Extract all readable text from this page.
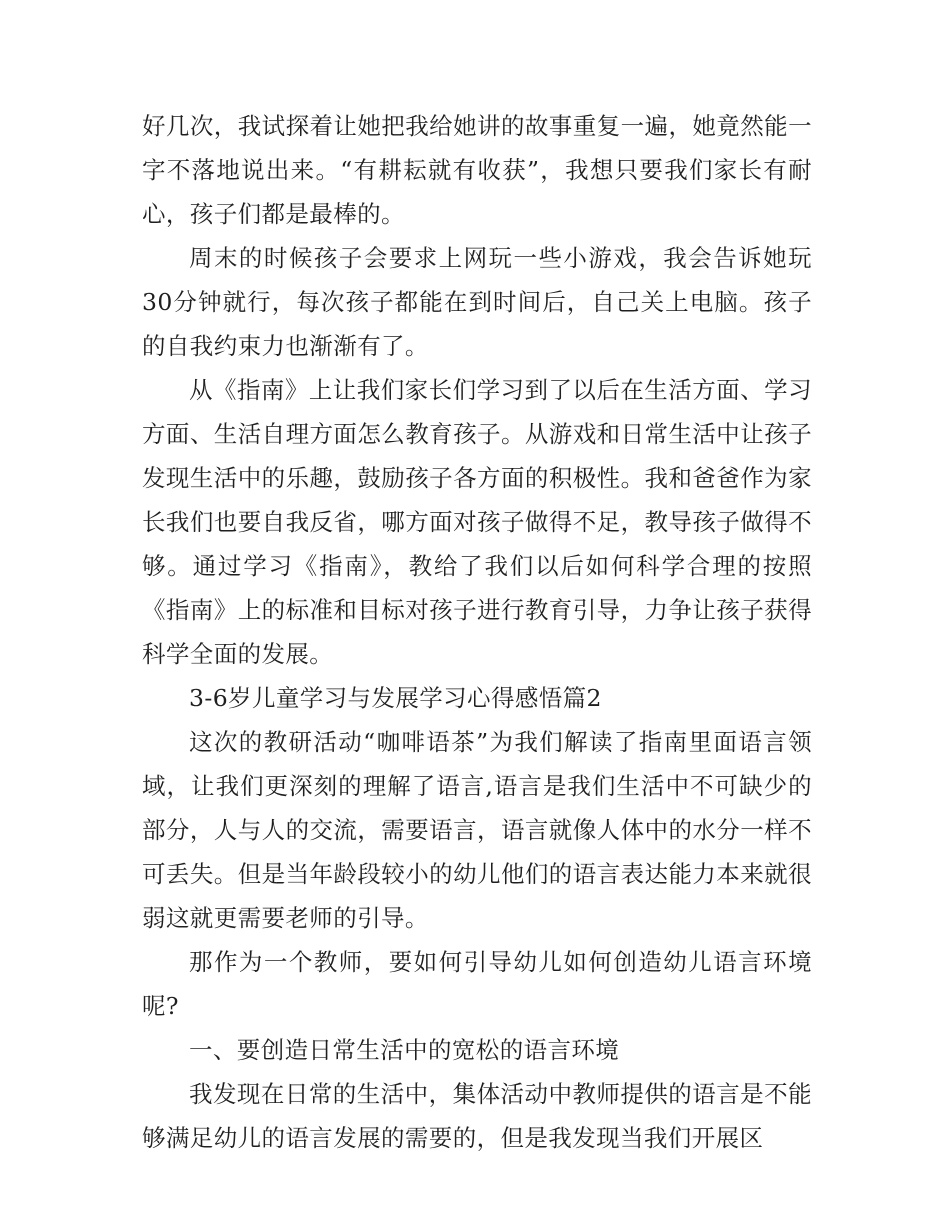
好几次，我试探着让她把我给她讲的故事重复一遍，她竟然能一字不落地说出来。“有耕耘就有收获”，我想只要我们家长有耐心，孩子们都是最棒的。

周末的时候孩子会要求上网玩一些小游戏，我会告诉她玩30分钟就行，每次孩子都能在到时间后，自己关上电脑。孩子的自我约束力也渐渐有了。

从《指南》上让我们家长们学习到了以后在生活方面、学习方面、生活自理方面怎么教育孩子。从游戏和日常生活中让孩子发现生活中的乐趣，鼓励孩子各方面的积极性。我和爸爸作为家长我们也要自我反省，哪方面对孩子做得不足，教导孩子做得不够。通过学习《指南》，教给了我们以后如何科学合理的按照《指南》上的标准和目标对孩子进行教育引导，力争让孩子获得科学全面的发展。

3-6岁儿童学习与发展学习心得感悟篇2

这次的教研活动“咖啡语茶”为我们解读了指南里面语言领域，让我们更深刻的理解了语言,语言是我们生活中不可缺少的部分，人与人的交流，需要语言，语言就像人体中的水分一样不可丢失。但是当年龄段较小的幼儿他们的语言表达能力本来就很弱这就更需要老师的引导。

那作为一个教师，要如何引导幼儿如何创造幼儿语言环境呢?

一、要创造日常生活中的宽松的语言环境

我发现在日常的生活中，集体活动中教师提供的语言是不能够满足幼儿的语言发展的需要的，但是我发现当我们开展区
